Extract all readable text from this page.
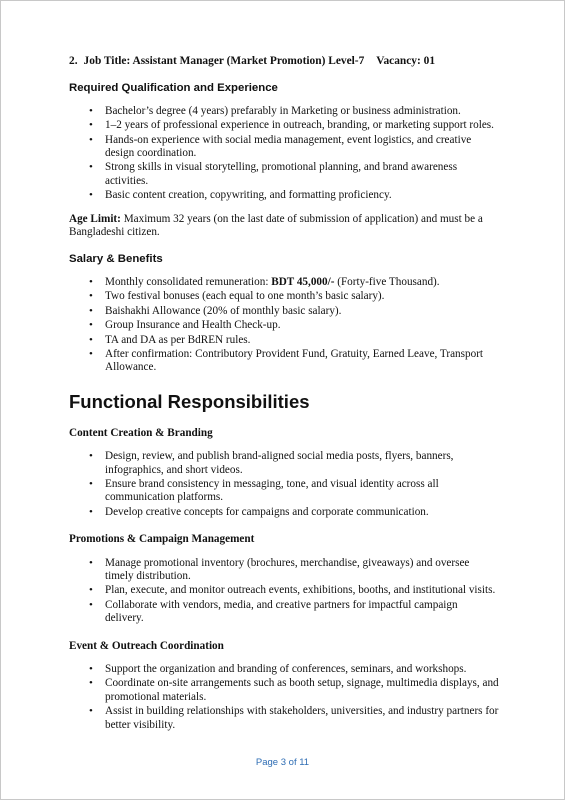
2. Job Title: Assistant Manager (Market Promotion) Level-7 Vacancy: 01

Required Qualification and Experience
• Bachelor’s degree (4 years) prefarably in Marketing or business administration.
• 1–2 years of professional experience in outreach, branding, or marketing support roles.
• Hands-on experience with social media management, event logistics, and creative design coordination.
• Strong skills in visual storytelling, promotional planning, and brand awareness activities.
• Basic content creation, copywriting, and formatting proficiency.

Age Limit: Maximum 32 years (on the last date of submission of application) and must be a Bangladeshi citizen.

Salary & Benefits
• Monthly consolidated remuneration: BDT 45,000/- (Forty-five Thousand).
• Two festival bonuses (each equal to one month’s basic salary).
• Baishakhi Allowance (20% of monthly basic salary).
• Group Insurance and Health Check-up.
• TA and DA as per BdREN rules.
• After confirmation: Contributory Provident Fund, Gratuity, Earned Leave, Transport Allowance.
Functional Responsibilities
Content Creation & Branding
• Design, review, and publish brand-aligned social media posts, flyers, banners, infographics, and short videos.
• Ensure brand consistency in messaging, tone, and visual identity across all communication platforms.
• Develop creative concepts for campaigns and corporate communication.
Promotions & Campaign Management
• Manage promotional inventory (brochures, merchandise, giveaways) and oversee timely distribution.
• Plan, execute, and monitor outreach events, exhibitions, booths, and institutional visits.
• Collaborate with vendors, media, and creative partners for impactful campaign delivery.
Event & Outreach Coordination
• Support the organization and branding of conferences, seminars, and workshops.
• Coordinate on-site arrangements such as booth setup, signage, multimedia displays, and promotional materials.
• Assist in building relationships with stakeholders, universities, and industry partners for better visibility.
Page 3 of 11
